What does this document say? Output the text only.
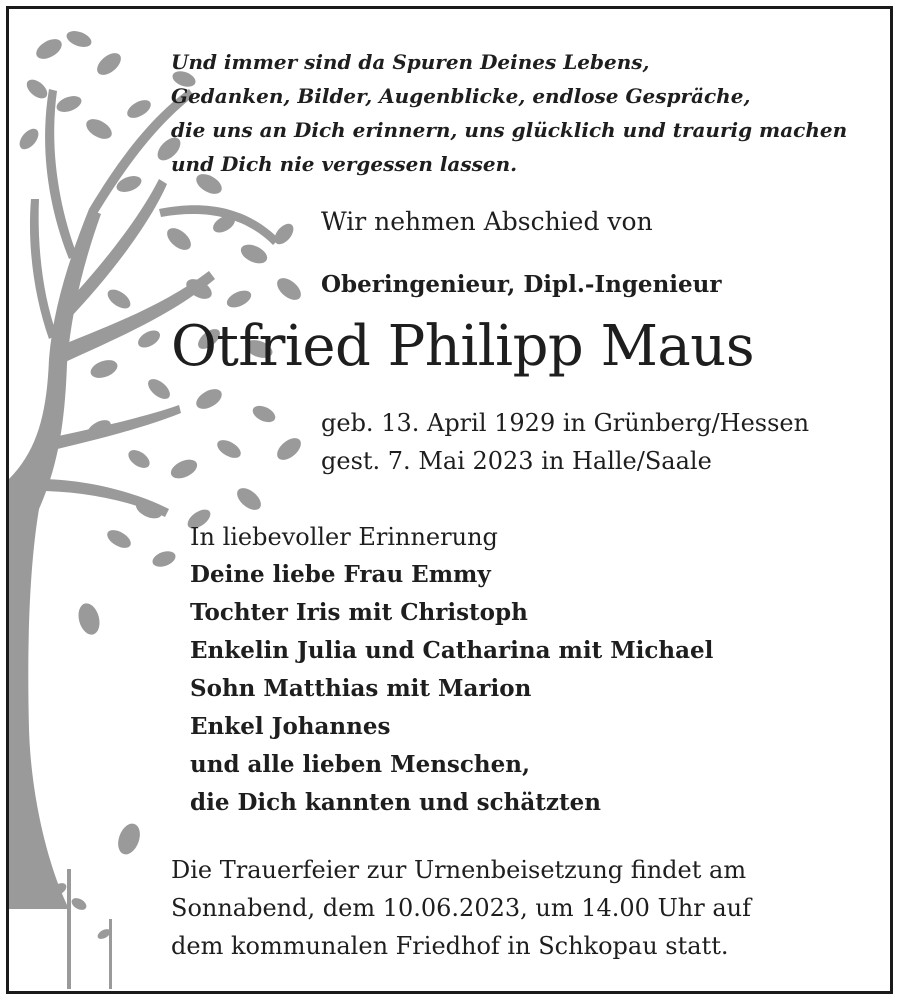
Und immer sind da Spuren Deines Lebens,
Gedanken, Bilder, Augenblicke, endlose Gespräche,
die uns an Dich erinnern, uns glücklich und traurig machen
und Dich nie vergessen lassen.
Wir nehmen Abschied von
Oberingenieur, Dipl.-Ingenieur
Otfried Philipp Maus
geb. 13. April 1929 in Grünberg/Hessen
gest. 7. Mai 2023 in Halle/Saale
In liebevoller Erinnerung
Deine liebe Frau Emmy
Tochter Iris mit Christoph
Enkelin Julia und Catharina mit Michael
Sohn Matthias mit Marion
Enkel Johannes
und alle lieben Menschen,
die Dich kannten und schätzten
Die Trauerfeier zur Urnenbeisetzung findet am
Sonnabend, dem 10.06.2023, um 14.00 Uhr auf
dem kommunalen Friedhof in Schkopau statt.
